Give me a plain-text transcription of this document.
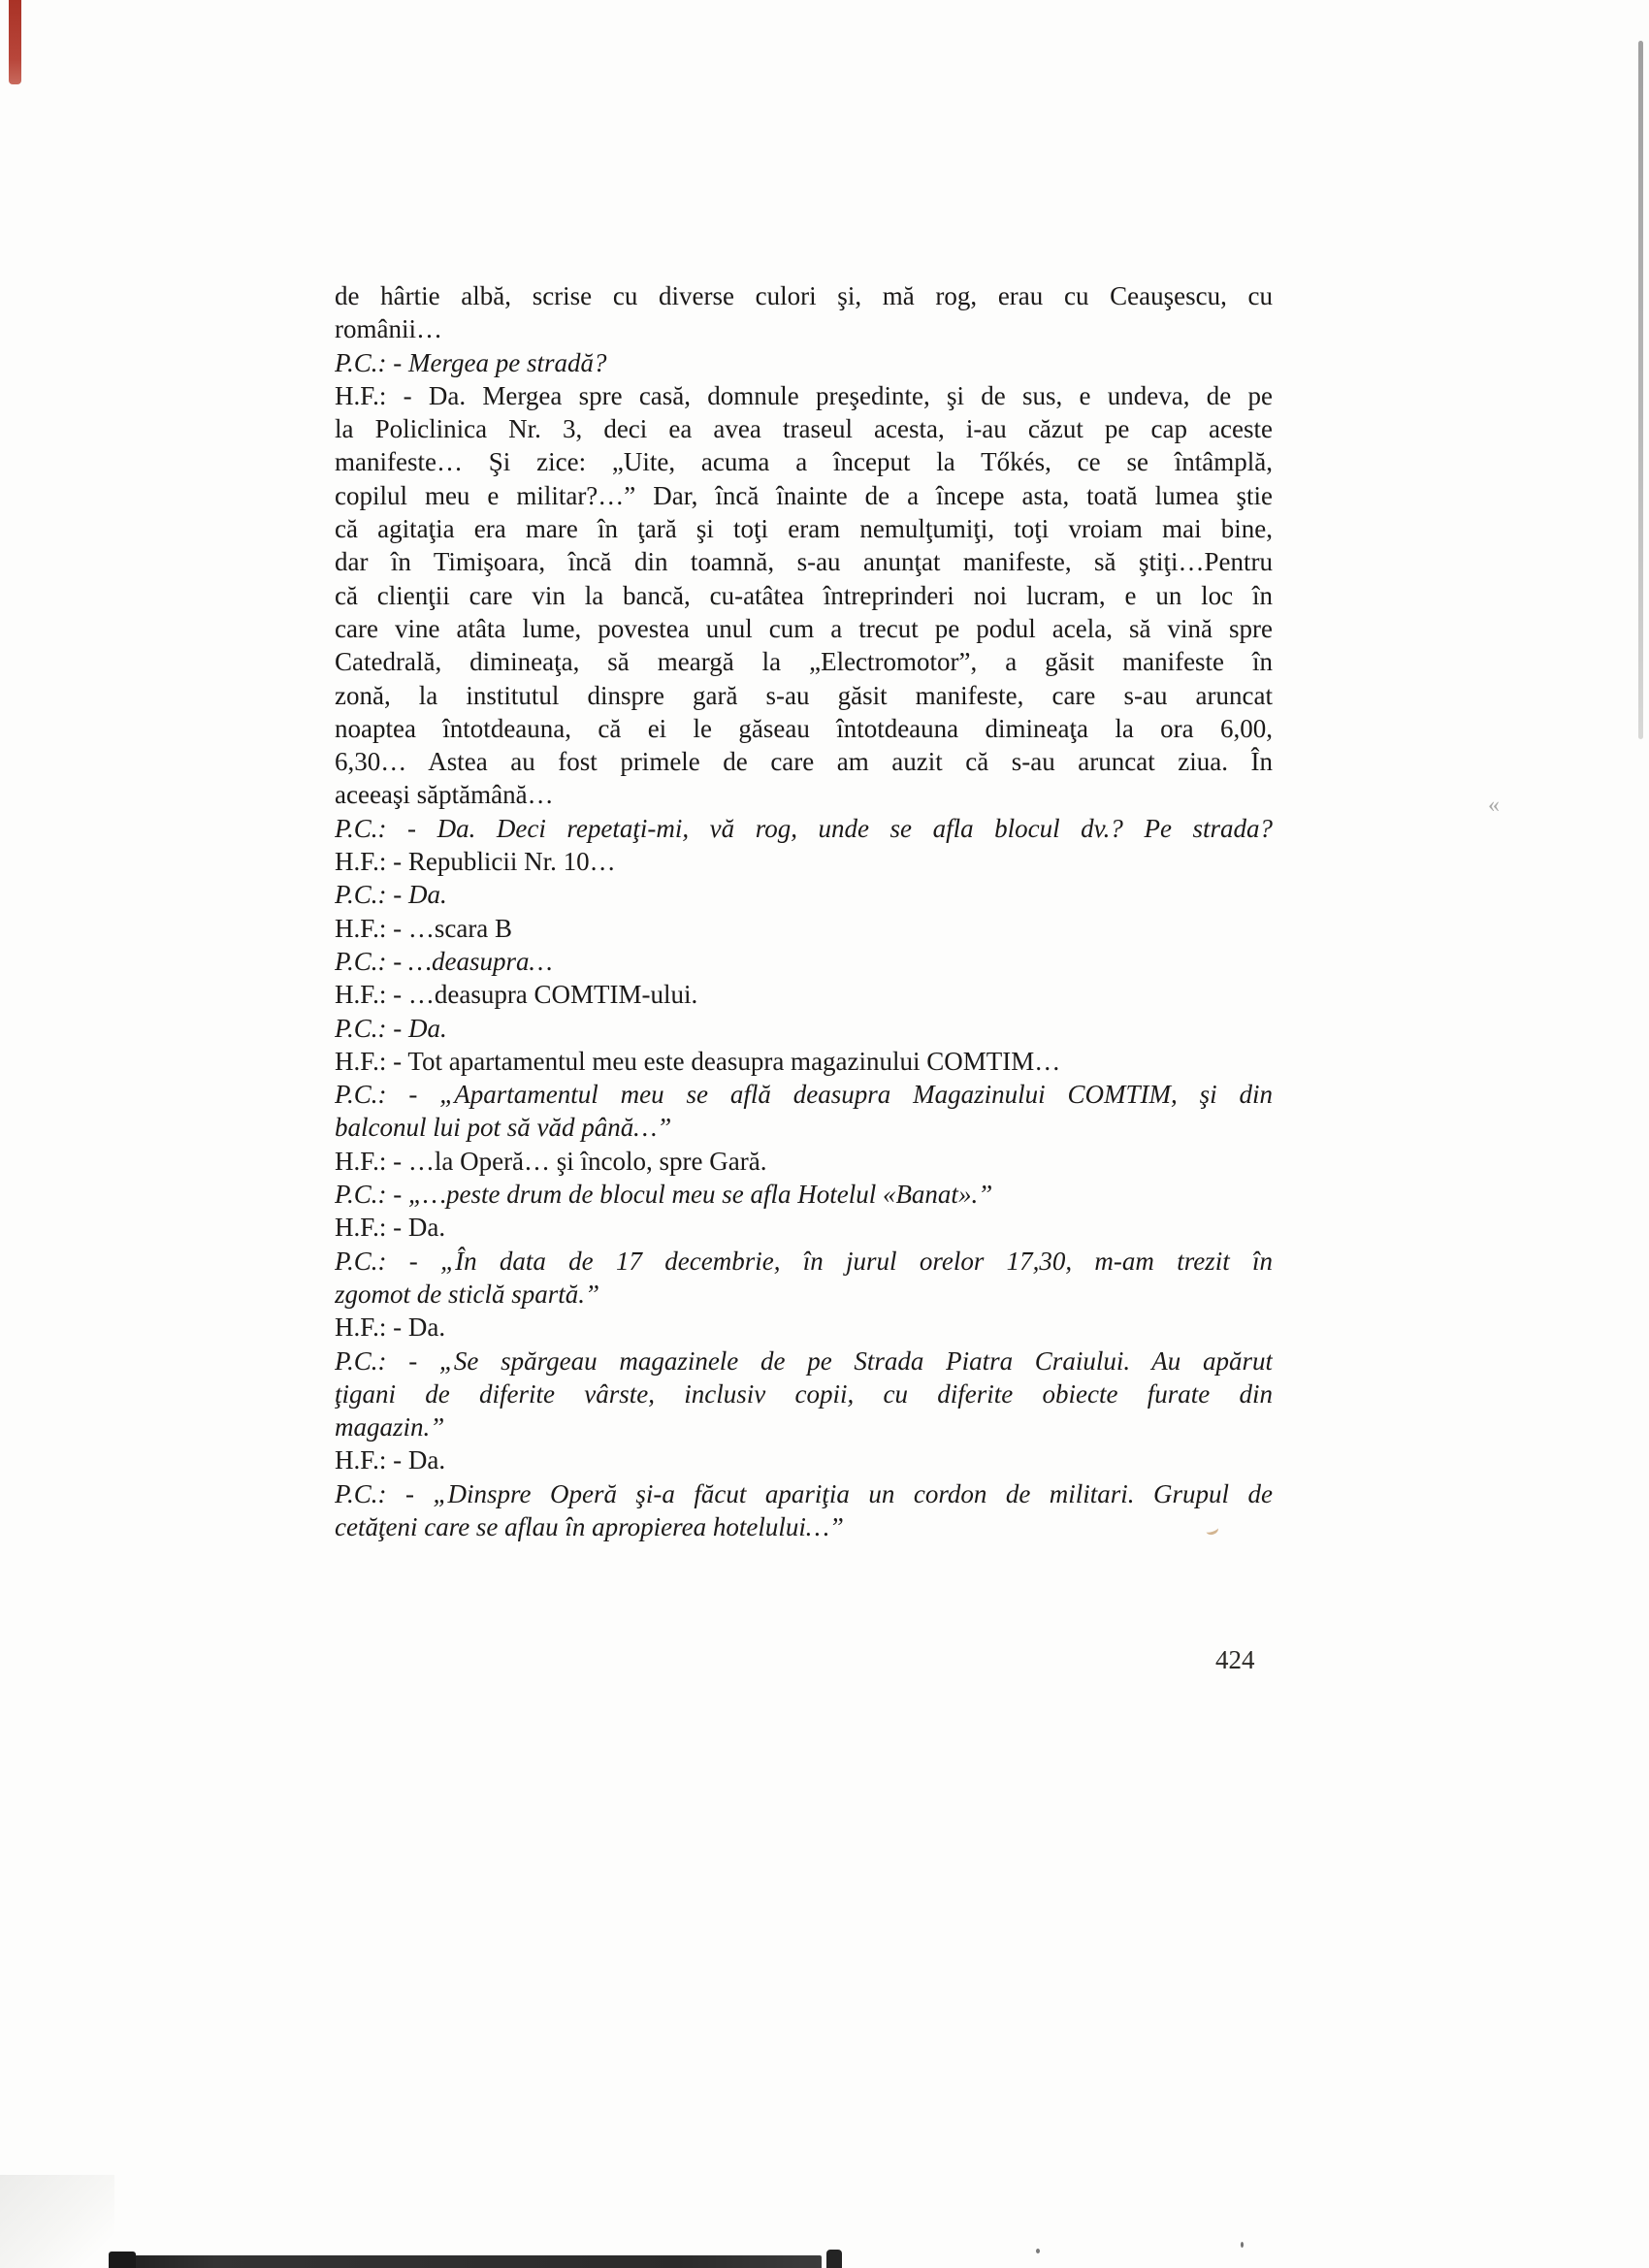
«
de hârtie albă, scrise cu diverse culori şi, mă rog, erau cu Ceauşescu, cu
românii…
P.C.: - Mergea pe stradă?
H.F.: - Da. Mergea spre casă, domnule preşedinte, şi de sus, e undeva, de pe
la Policlinica Nr. 3, deci ea avea traseul acesta, i-au căzut pe cap aceste
manifeste… Şi zice: „Uite, acuma a început la Tőkés, ce se întâmplă,
copilul meu e militar?…” Dar, încă înainte de a începe asta, toată lumea ştie
că agitaţia era mare în ţară şi toţi eram nemulţumiţi, toţi vroiam mai bine,
dar în Timişoara, încă din toamnă, s-au anunţat manifeste, să ştiţi…Pentru
că clienţii care vin la bancă, cu-atâtea întreprinderi noi lucram, e un loc în
care vine atâta lume, povestea unul cum a trecut pe podul acela, să vină spre
Catedrală, dimineaţa, să meargă la „Electromotor”, a găsit manifeste în
zonă, la institutul dinspre gară s-au găsit manifeste, care s-au aruncat
noaptea întotdeauna, că ei le găseau întotdeauna dimineaţa la ora 6,00,
6,30… Astea au fost primele de care am auzit că s-au aruncat ziua. În
aceeaşi săptămână…
P.C.: - Da. Deci repetaţi-mi, vă rog, unde se afla blocul dv.? Pe strada?
H.F.: - Republicii Nr. 10…
P.C.: - Da.
H.F.: - …scara B
P.C.: - …deasupra…
H.F.: - …deasupra COMTIM-ului.
P.C.: - Da.
H.F.: - Tot apartamentul meu este deasupra magazinului COMTIM…
P.C.: - „Apartamentul meu se află deasupra Magazinului COMTIM, şi din
balconul lui pot să văd până…”
H.F.: - …la Operă… şi încolo, spre Gară.
P.C.: - „…peste drum de blocul meu se afla Hotelul «Banat».”
H.F.: - Da.
P.C.: - „În data de 17 decembrie, în jurul orelor 17,30, m-am trezit în
zgomot de sticlă spartă.”
H.F.: - Da.
P.C.: - „Se spărgeau magazinele de pe Strada Piatra Craiului. Au apărut
ţigani de diferite vârste, inclusiv copii, cu diferite obiecte furate din
magazin.”
H.F.: - Da.
P.C.: - „Dinspre Operă şi-a făcut apariţia un cordon de militari. Grupul de
cetăţeni care se aflau în apropierea hotelului…”
424
